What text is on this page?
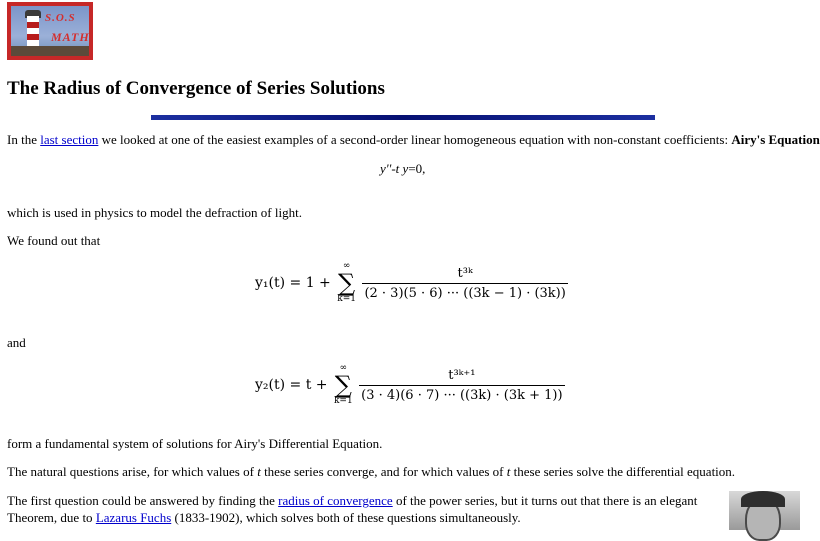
S.O.S
MATH
The Radius of Convergence of Series Solutions

In the last section we looked at one of the easiest examples of a second-order linear homogeneous equation with non-constant coefficients: Airy's Equation

y''-t y=0,

which is used in physics to model the defraction of light.

We found out that

y₁(t) = 1 +
∞
∑
k=1
$\frac{\text{t³ᵏ}}{(2 \cdot 3)(5 \cdot 6) \cdot\cdot\cdot ((3k - 1) \cdot (3k))}$

and

y₂(t) = t +
∞
∑
k=1
$\frac{\text{t³ᵏ⁺¹}}{(3 \cdot 4)(6 \cdot 7) \cdot\cdot\cdot ((3k) \cdot (3k + 1))}$

form a fundamental system of solutions for Airy's Differential Equation.

The natural questions arise, for which values of t these series converge, and for which values of t these series solve the differential equation.

The first question could be answered by finding the radius of convergence of the power series, but it turns out that there is an elegant
Theorem, due to Lazarus Fuchs (1833-1902), which solves both of these questions simultaneously.
